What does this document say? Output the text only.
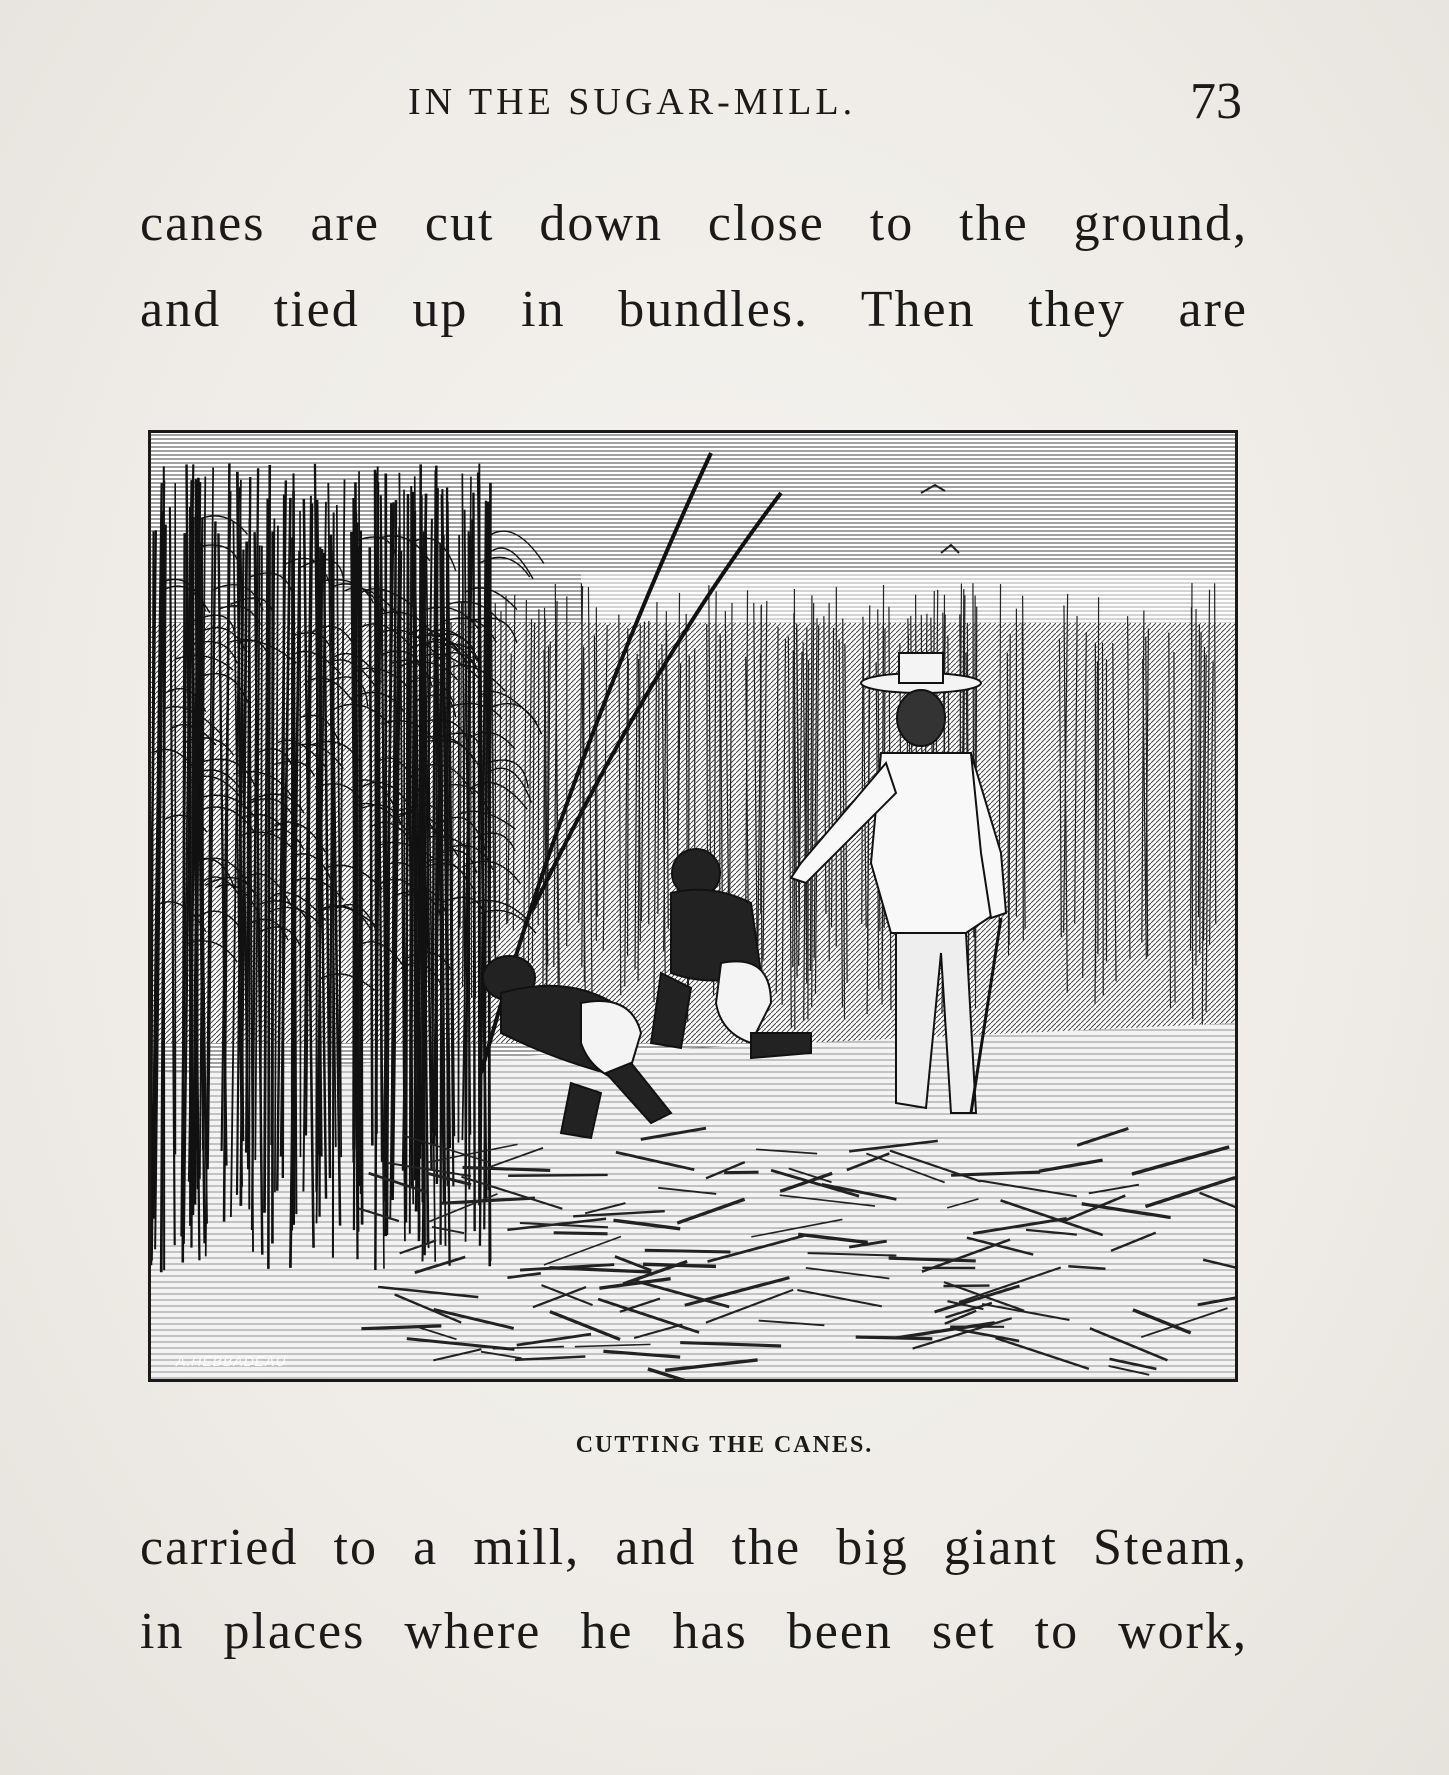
IN THE SUGAR-MILL.	73
canes are cut down close to the ground,
and tied up in bundles. Then they are
A.HEBBADEAU
CUTTING THE CANES.
carried to a mill, and the big giant Steam,
in places where he has been set to work,
